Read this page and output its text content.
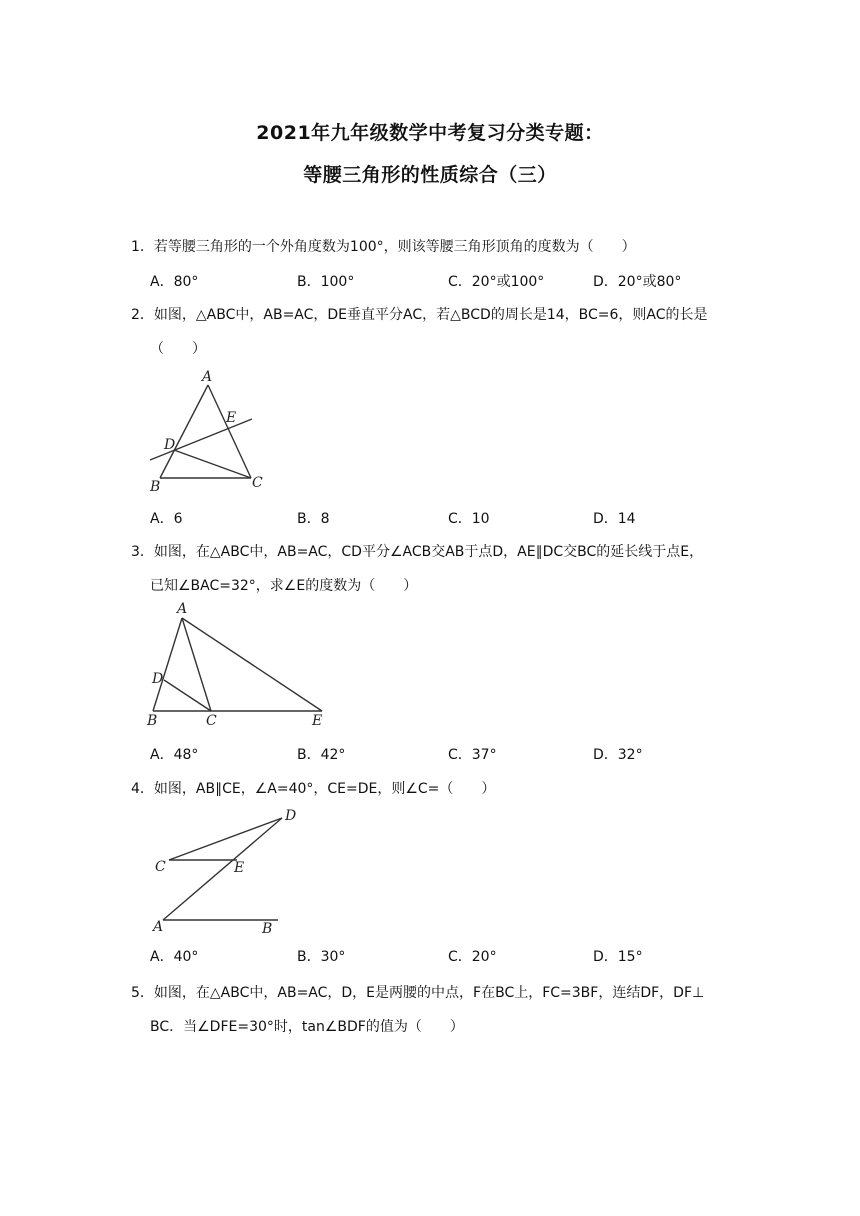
2021年九年级数学中考复习分类专题：
等腰三角形的性质综合（三）
1．若等腰三角形的一个外角度数为100°，则该等腰三角形顶角的度数为（　　）
A．80°	B．100°	C．20°或100°	D．20°或80°
2．如图，△ABC中，AB=AC，DE垂直平分AC，若△BCD的周长是14，BC=6，则AC的长是
（　　）
A
E
D
B	C
A．6	B．8	C．10	D．14
3．如图，在△ABC中，AB=AC，CD平分∠ACB交AB于点D，AE∥DC交BC的延长线于点E，
已知∠BAC=32°，求∠E的度数为（　　）
A
D
B	C	E
A．48°	B．42°	C．37°	D．32°
4．如图，AB∥CE，∠A=40°，CE=DE，则∠C=（　　）
D
C	E
A	B
A．40°	B．30°	C．20°	D．15°
5．如图，在△ABC中，AB=AC，D，E是两腰的中点，F在BC上，FC=3BF，连结DF，DF⊥
BC．当∠DFE=30°时，tan∠BDF的值为（　　）
